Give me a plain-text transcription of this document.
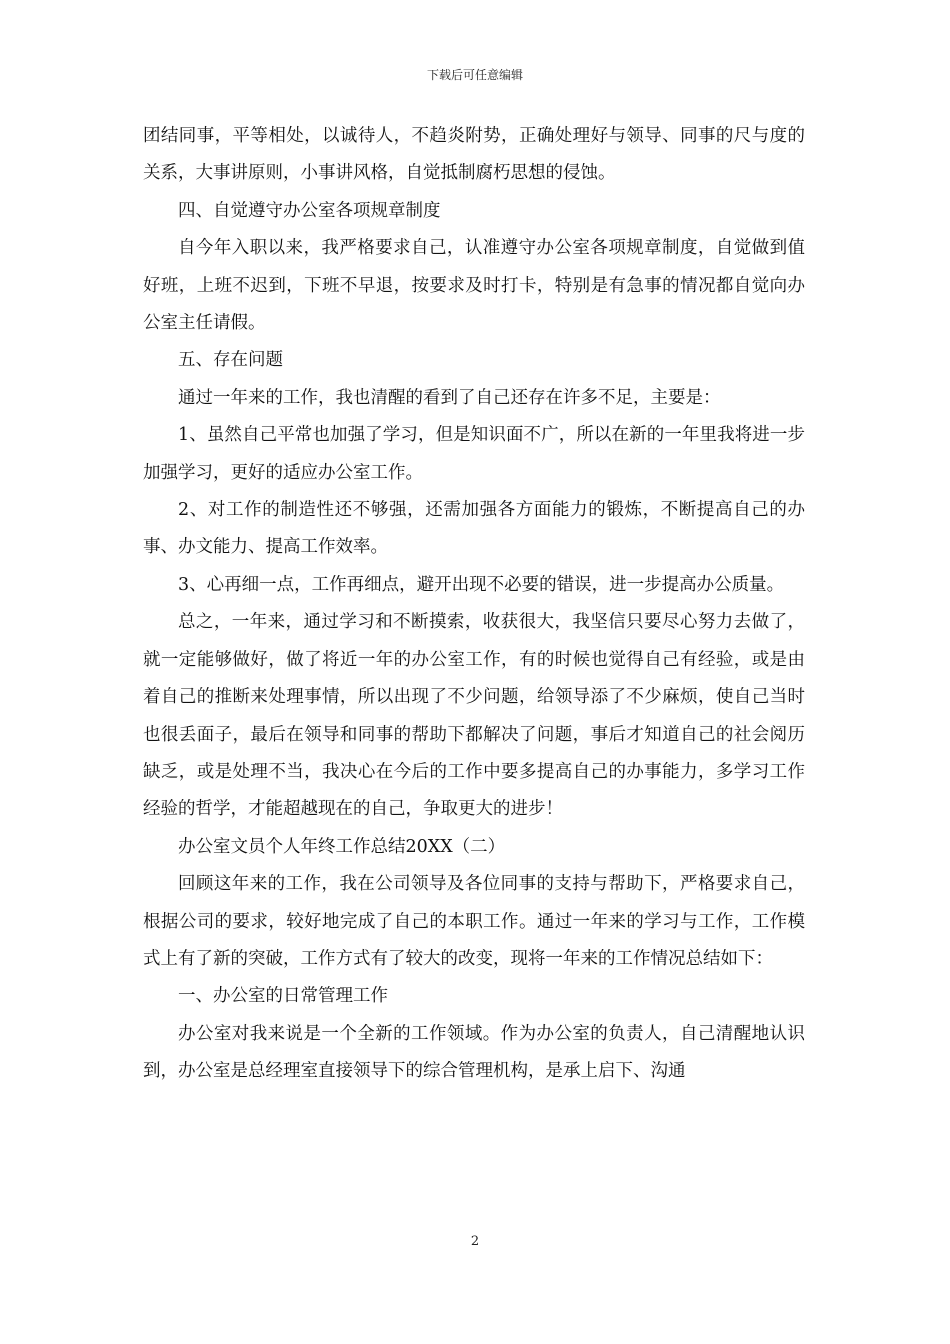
下载后可任意编辑

团结同事，平等相处，以诚待人，不趋炎附势，正确处理好与领导、同事的尺与度的关系，大事讲原则，小事讲风格，自觉抵制腐朽思想的侵蚀。

四、自觉遵守办公室各项规章制度

自今年入职以来，我严格要求自己，认准遵守办公室各项规章制度，自觉做到值好班，上班不迟到，下班不早退，按要求及时打卡，特别是有急事的情况都自觉向办公室主任请假。

五、存在问题

通过一年来的工作，我也清醒的看到了自己还存在许多不足，主要是：

1、虽然自己平常也加强了学习，但是知识面不广，所以在新的一年里我将进一步加强学习，更好的适应办公室工作。

2、对工作的制造性还不够强，还需加强各方面能力的锻炼，不断提高自己的办事、办文能力、提高工作效率。

3、心再细一点，工作再细点，避开出现不必要的错误，进一步提高办公质量。

总之，一年来，通过学习和不断摸索，收获很大，我坚信只要尽心努力去做了，就一定能够做好，做了将近一年的办公室工作，有的时候也觉得自己有经验，或是由着自己的推断来处理事情，所以出现了不少问题，给领导添了不少麻烦，使自己当时也很丢面子，最后在领导和同事的帮助下都解决了问题，事后才知道自己的社会阅历缺乏，或是处理不当，我决心在今后的工作中要多提高自己的办事能力，多学习工作经验的哲学，才能超越现在的自己，争取更大的进步！

办公室文员个人年终工作总结20XX（二）

回顾这年来的工作，我在公司领导及各位同事的支持与帮助下，严格要求自己，根据公司的要求，较好地完成了自己的本职工作。通过一年来的学习与工作，工作模式上有了新的突破，工作方式有了较大的改变，现将一年来的工作情况总结如下：

一、办公室的日常管理工作

办公室对我来说是一个全新的工作领域。作为办公室的负责人，自己清醒地认识到，办公室是总经理室直接领导下的综合管理机构，是承上启下、沟通

2
